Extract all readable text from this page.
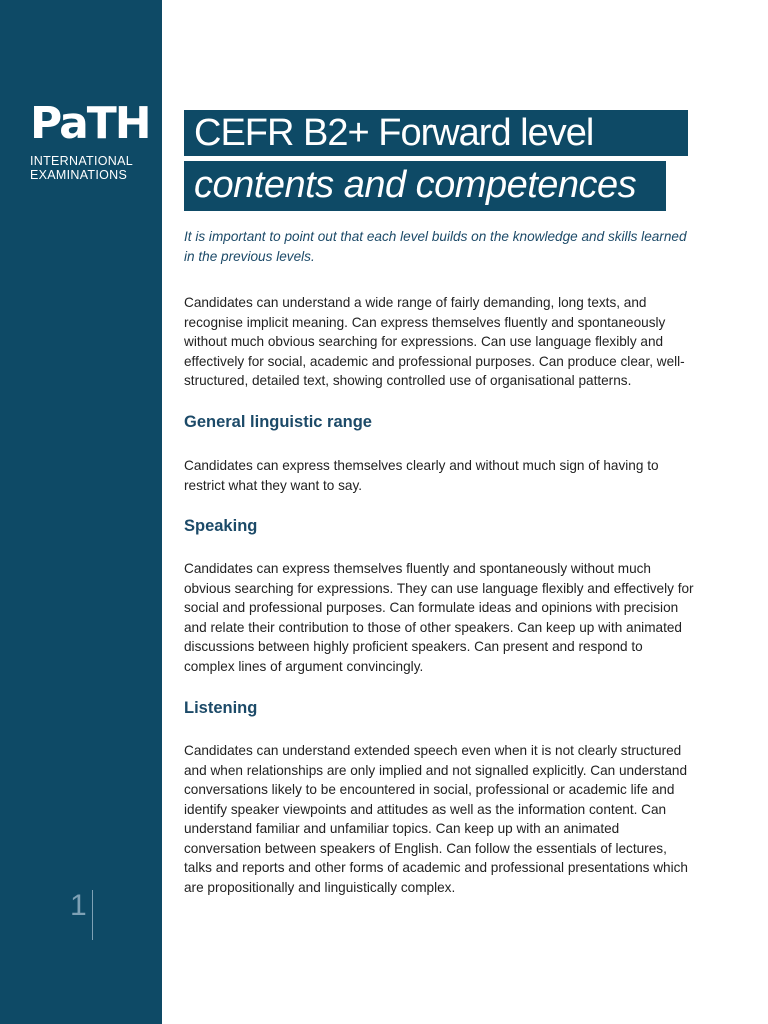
PaTH
INTERNATIONAL
EXAMINATIONS
1
CEFR B2+ Forward level
contents and competences

It is important to point out that each level builds on the knowledge and skills learned in the previous levels.

Candidates can understand a wide range of fairly demanding, long texts, and recognise implicit meaning. Can express themselves fluently and spontaneously without much obvious searching for expressions. Can use language flexibly and effectively for social, academic and professional purposes. Can produce clear, well-structured, detailed text, showing controlled use of organisational patterns.

General linguistic range

Candidates can express themselves clearly and without much sign of having to restrict what they want to say.

Speaking

Candidates can express themselves fluently and spontaneously without much obvious searching for expressions. They can use language flexibly and effectively for social and professional purposes. Can formulate ideas and opinions with precision and relate their contribution to those of other speakers. Can keep up with animated discussions between highly proficient speakers. Can present and respond to complex lines of argument convincingly.

Listening

Candidates can understand extended speech even when it is not clearly structured and when relationships are only implied and not signalled explicitly. Can understand conversations likely to be encountered in social, professional or academic life and identify speaker viewpoints and attitudes as well as the information content. Can understand familiar and unfamiliar topics. Can keep up with an animated conversation between speakers of English. Can follow the essentials of lectures, talks and reports and other forms of academic and professional presentations which are propositionally and linguistically complex.
